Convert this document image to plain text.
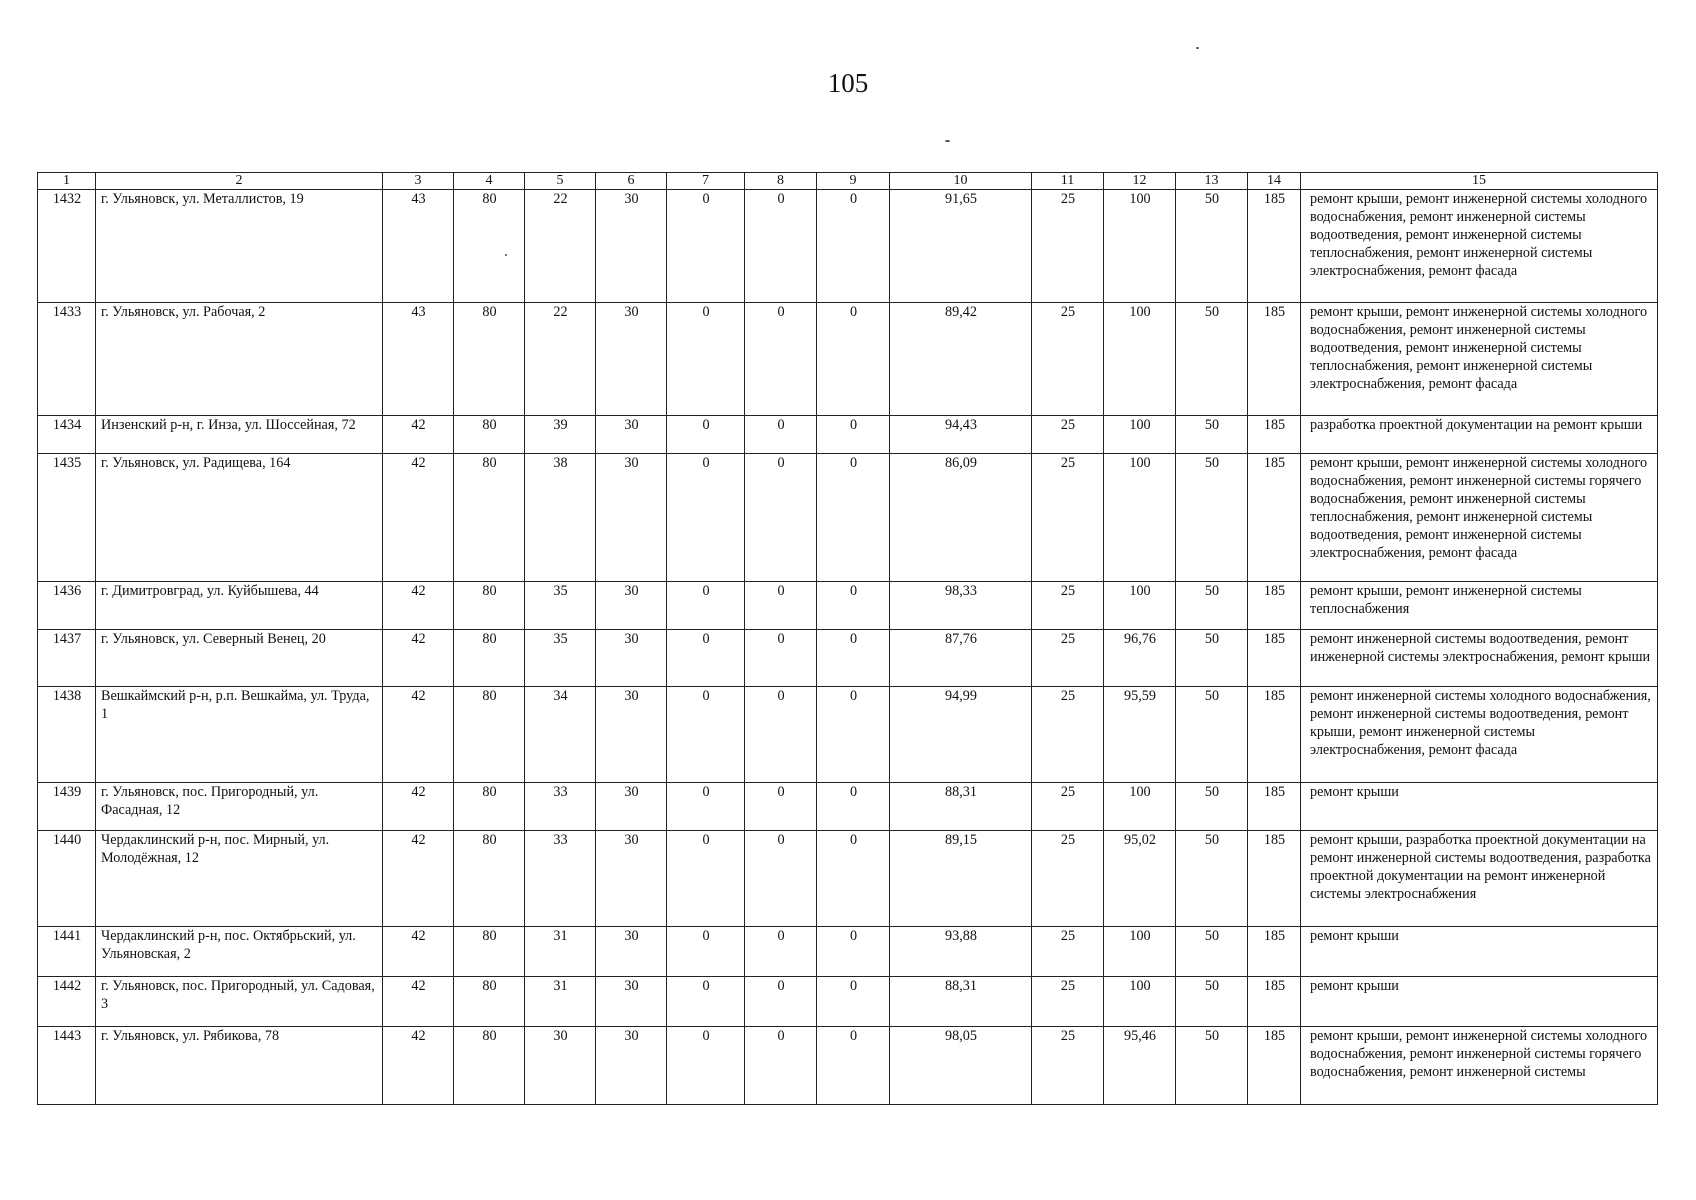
105
1	2	3	4	5	6	7	8	9	10	11	12	13	14	15
1432	г. Ульяновск, ул. Металлистов, 19	43	80	22	30	0	0	0	91,65	25	100	50	185	ремонт крыши, ремонт инженерной системы холодного водоснабжения, ремонт инженерной системы водоотведения, ремонт инженерной системы теплоснабжения, ремонт инженерной системы электроснабжения, ремонт фасада
1433	г. Ульяновск, ул. Рабочая, 2	43	80	22	30	0	0	0	89,42	25	100	50	185	ремонт крыши, ремонт инженерной системы холодного водоснабжения, ремонт инженерной системы водоотведения, ремонт инженерной системы теплоснабжения, ремонт инженерной системы электроснабжения, ремонт фасада
1434	Инзенский р-н, г. Инза, ул. Шоссейная, 72	42	80	39	30	0	0	0	94,43	25	100	50	185	разработка проектной документации на ремонт крыши
1435	г. Ульяновск, ул. Радищева, 164	42	80	38	30	0	0	0	86,09	25	100	50	185	ремонт крыши, ремонт инженерной системы холодного водоснабжения, ремонт инженерной системы горячего водоснабжения, ремонт инженерной системы теплоснабжения, ремонт инженерной системы водоотведения, ремонт инженерной системы электроснабжения, ремонт фасада
1436	г. Димитровград, ул. Куйбышева, 44	42	80	35	30	0	0	0	98,33	25	100	50	185	ремонт крыши, ремонт инженерной системы теплоснабжения
1437	г. Ульяновск, ул. Северный Венец, 20	42	80	35	30	0	0	0	87,76	25	96,76	50	185	ремонт инженерной системы водоотведения, ремонт инженерной системы электроснабжения, ремонт крыши
1438	Вешкаймский р-н, р.п. Вешкайма, ул. Труда, 1	42	80	34	30	0	0	0	94,99	25	95,59	50	185	ремонт инженерной системы холодного водоснабжения, ремонт инженерной системы водоотведения, ремонт крыши, ремонт инженерной системы электроснабжения, ремонт фасада
1439	г. Ульяновск, пос. Пригородный, ул. Фасадная, 12	42	80	33	30	0	0	0	88,31	25	100	50	185	ремонт крыши
1440	Чердаклинский р-н, пос. Мирный, ул. Молодёжная, 12	42	80	33	30	0	0	0	89,15	25	95,02	50	185	ремонт крыши, разработка проектной документации на ремонт инженерной системы водоотведения, разработка проектной документации на ремонт инженерной системы электроснабжения
1441	Чердаклинский р-н, пос. Октябрьский, ул. Ульяновская, 2	42	80	31	30	0	0	0	93,88	25	100	50	185	ремонт крыши
1442	г. Ульяновск, пос. Пригородный, ул. Садовая, 3	42	80	31	30	0	0	0	88,31	25	100	50	185	ремонт крыши
1443	г. Ульяновск, ул. Рябикова, 78	42	80	30	30	0	0	0	98,05	25	95,46	50	185	ремонт крыши, ремонт инженерной системы холодного водоснабжения, ремонт инженерной системы горячего водоснабжения, ремонт инженерной системы
